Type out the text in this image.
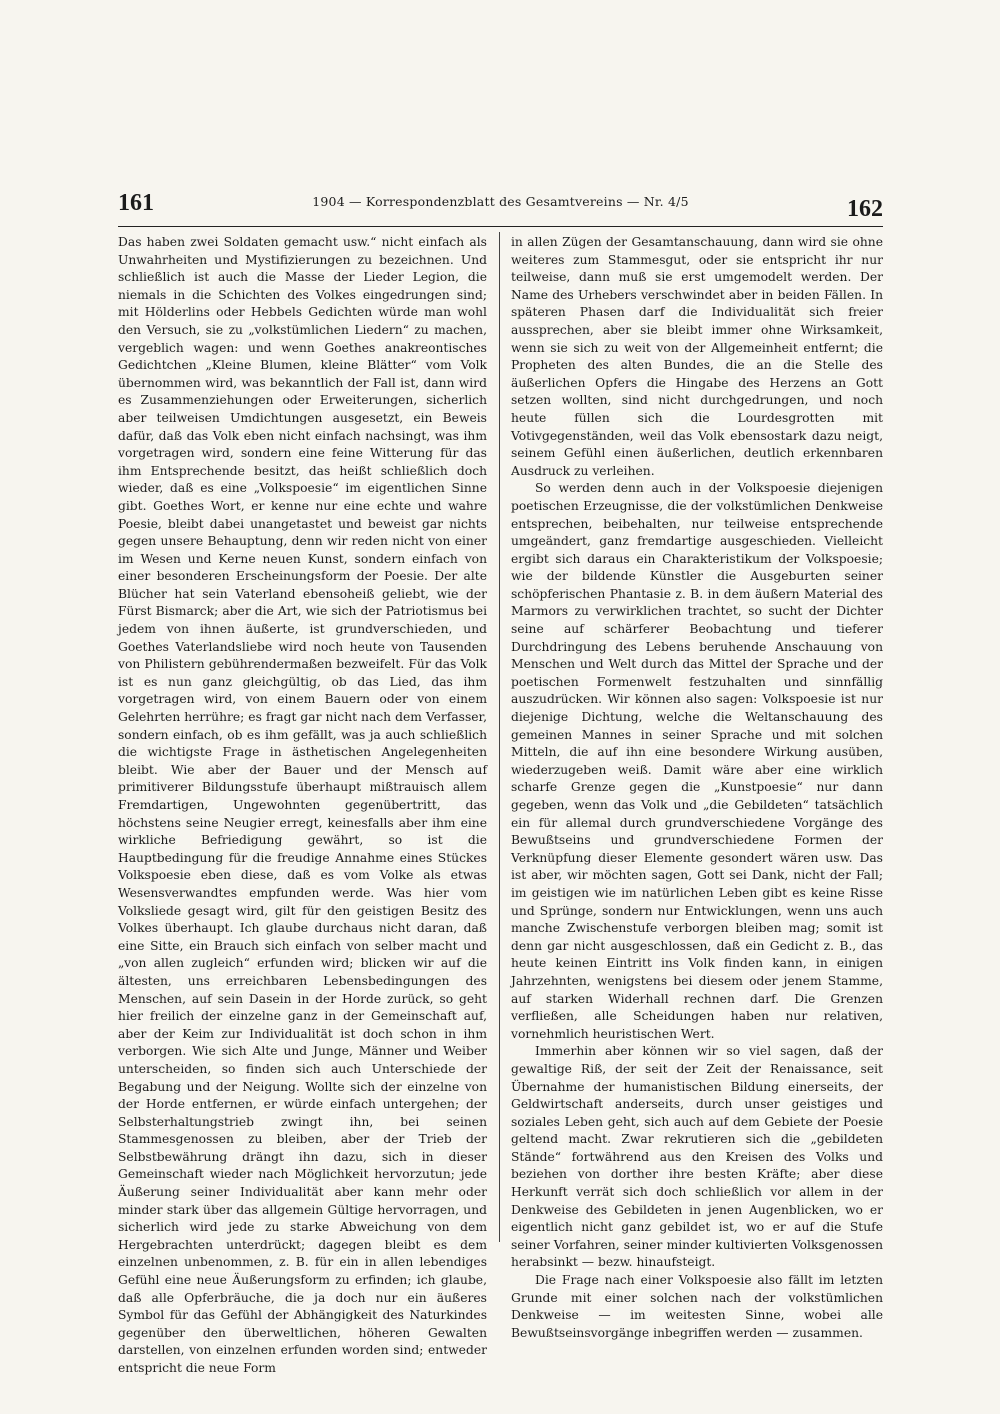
161	1904 — Korrespondenzblatt des Gesamtvereins — Nr. 4/5	162

Das haben zwei Soldaten gemacht usw.“ nicht einfach als Unwahrheiten und Mystifizierungen zu bezeichnen. Und schließlich ist auch die Masse der Lieder Legion, die niemals in die Schichten des Volkes eingedrungen sind; mit Hölderlins oder Hebbels Gedichten würde man wohl den Versuch, sie zu „volkstümlichen Liedern“ zu machen, vergeblich wagen: und wenn Goethes anakreontisches Gedichtchen „Kleine Blumen, kleine Blätter“ vom Volk übernommen wird, was bekanntlich der Fall ist, dann wird es Zusammenziehungen oder Erweiterungen, sicherlich aber teilweisen Umdichtungen ausgesetzt, ein Beweis dafür, daß das Volk eben nicht einfach nachsingt, was ihm vorgetragen wird, sondern eine feine Witterung für das ihm Entsprechende besitzt, das heißt schließlich doch wieder, daß es eine „Volkspoesie“ im eigentlichen Sinne gibt. Goethes Wort, er kenne nur eine echte und wahre Poesie, bleibt dabei unangetastet und beweist gar nichts gegen unsere Behauptung, denn wir reden nicht von einer im Wesen und Kerne neuen Kunst, sondern einfach von einer besonderen Erscheinungsform der Poesie. Der alte Blücher hat sein Vaterland ebensoheiß geliebt, wie der Fürst Bismarck; aber die Art, wie sich der Patriotismus bei jedem von ihnen äußerte, ist grundverschieden, und Goethes Vaterlandsliebe wird noch heute von Tausenden von Philistern gebührendermaßen bezweifelt. Für das Volk ist es nun ganz gleichgültig, ob das Lied, das ihm vorgetragen wird, von einem Bauern oder von einem Gelehrten herrühre; es fragt gar nicht nach dem Verfasser, sondern einfach, ob es ihm gefällt, was ja auch schließlich die wichtigste Frage in ästhetischen Angelegenheiten bleibt. Wie aber der Bauer und der Mensch auf primitiverer Bildungsstufe überhaupt mißtrauisch allem Fremdartigen, Ungewohnten gegenübertritt, das höchstens seine Neugier erregt, keinesfalls aber ihm eine wirkliche Befriedigung gewährt, so ist die Hauptbedingung für die freudige Annahme eines Stückes Volkspoesie eben diese, daß es vom Volke als etwas Wesensverwandtes empfunden werde. Was hier vom Volksliede gesagt wird, gilt für den geistigen Besitz des Volkes überhaupt. Ich glaube durchaus nicht daran, daß eine Sitte, ein Brauch sich einfach von selber macht und „von allen zugleich“ erfunden wird; blicken wir auf die ältesten, uns erreichbaren Lebensbedingungen des Menschen, auf sein Dasein in der Horde zurück, so geht hier freilich der einzelne ganz in der Gemeinschaft auf, aber der Keim zur Individualität ist doch schon in ihm verborgen. Wie sich Alte und Junge, Männer und Weiber unterscheiden, so finden sich auch Unterschiede der Begabung und der Neigung. Wollte sich der einzelne von der Horde entfernen, er würde einfach untergehen; der Selbsterhaltungstrieb zwingt ihn, bei seinen Stammesgenossen zu bleiben, aber der Trieb der Selbstbewährung drängt ihn dazu, sich in dieser Gemeinschaft wieder nach Möglichkeit hervorzutun; jede Äußerung seiner Individualität aber kann mehr oder minder stark über das allgemein Gültige hervorragen, und sicherlich wird jede zu starke Abweichung von dem Hergebrachten unterdrückt; dagegen bleibt es dem einzelnen unbenommen, z. B. für ein in allen lebendiges Gefühl eine neue Äußerungsform zu erfinden; ich glaube, daß alle Opferbräuche, die ja doch nur ein äußeres Symbol für das Gefühl der Abhängigkeit des Naturkindes gegenüber den überweltlichen, höheren Gewalten darstellen, von einzelnen erfunden worden sind; entweder entspricht die neue Form

in allen Zügen der Gesamtanschauung, dann wird sie ohne weiteres zum Stammesgut, oder sie entspricht ihr nur teilweise, dann muß sie erst umgemodelt werden. Der Name des Urhebers verschwindet aber in beiden Fällen. In späteren Phasen darf die Individualität sich freier aussprechen, aber sie bleibt immer ohne Wirksamkeit, wenn sie sich zu weit von der Allgemeinheit entfernt; die Propheten des alten Bundes, die an die Stelle des äußerlichen Opfers die Hingabe des Herzens an Gott setzen wollten, sind nicht durchgedrungen, und noch heute füllen sich die Lourdesgrotten mit Votivgegenständen, weil das Volk ebensostark dazu neigt, seinem Gefühl einen äußerlichen, deutlich erkennbaren Ausdruck zu verleihen.

So werden denn auch in der Volkspoesie diejenigen poetischen Erzeugnisse, die der volkstümlichen Denkweise entsprechen, beibehalten, nur teilweise entsprechende umgeändert, ganz fremdartige ausgeschieden. Vielleicht ergibt sich daraus ein Charakteristikum der Volkspoesie; wie der bildende Künstler die Ausgeburten seiner schöpferischen Phantasie z. B. in dem äußern Material des Marmors zu verwirklichen trachtet, so sucht der Dichter seine auf schärferer Beobachtung und tieferer Durchdringung des Lebens beruhende Anschauung von Menschen und Welt durch das Mittel der Sprache und der poetischen Formenwelt festzuhalten und sinnfällig auszudrücken. Wir können also sagen: Volkspoesie ist nur diejenige Dichtung, welche die Weltanschauung des gemeinen Mannes in seiner Sprache und mit solchen Mitteln, die auf ihn eine besondere Wirkung ausüben, wiederzugeben weiß. Damit wäre aber eine wirklich scharfe Grenze gegen die „Kunstpoesie“ nur dann gegeben, wenn das Volk und „die Gebildeten“ tatsächlich ein für allemal durch grundverschiedene Vorgänge des Bewußtseins und grundverschiedene Formen der Verknüpfung dieser Elemente gesondert wären usw. Das ist aber, wir möchten sagen, Gott sei Dank, nicht der Fall; im geistigen wie im natürlichen Leben gibt es keine Risse und Sprünge, sondern nur Entwicklungen, wenn uns auch manche Zwischenstufe verborgen bleiben mag; somit ist denn gar nicht ausgeschlossen, daß ein Gedicht z. B., das heute keinen Eintritt ins Volk finden kann, in einigen Jahrzehnten, wenigstens bei diesem oder jenem Stamme, auf starken Widerhall rechnen darf. Die Grenzen verfließen, alle Scheidungen haben nur relativen, vornehmlich heuristischen Wert.

Immerhin aber können wir so viel sagen, daß der gewaltige Riß, der seit der Zeit der Renaissance, seit Übernahme der humanistischen Bildung einerseits, der Geldwirtschaft anderseits, durch unser geistiges und soziales Leben geht, sich auch auf dem Gebiete der Poesie geltend macht. Zwar rekrutieren sich die „gebildeten Stände“ fortwährend aus den Kreisen des Volks und beziehen von dorther ihre besten Kräfte; aber diese Herkunft verrät sich doch schließlich vor allem in der Denkweise des Gebildeten in jenen Augenblicken, wo er eigentlich nicht ganz gebildet ist, wo er auf die Stufe seiner Vorfahren, seiner minder kultivierten Volksgenossen herabsinkt — bezw. hinaufsteigt.

Die Frage nach einer Volkspoesie also fällt im letzten Grunde mit einer solchen nach der volkstümlichen Denkweise — im weitesten Sinne, wobei alle Bewußtseinsvorgänge inbegriffen werden — zusammen.
